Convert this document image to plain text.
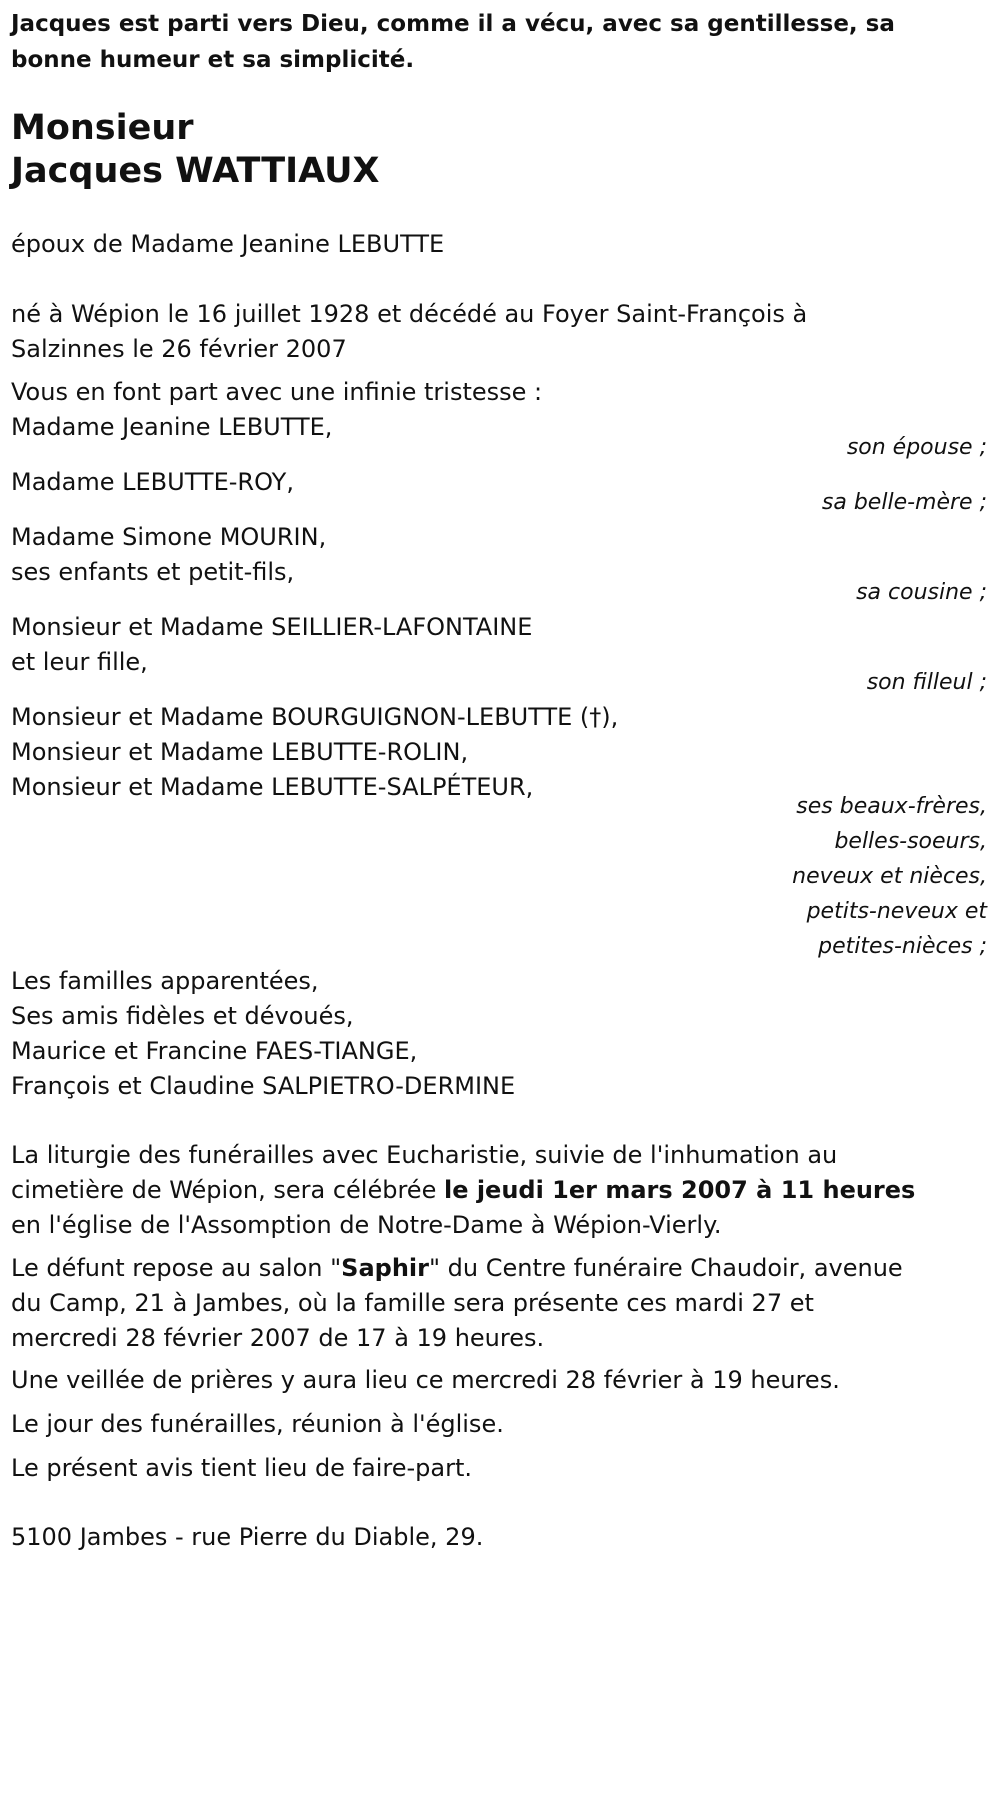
Jacques est parti vers Dieu, comme il a vécu, avec sa gentillesse, sa bonne humeur et sa simplicité.
Monsieur
Jacques WATTIAUX
époux de Madame Jeanine LEBUTTE
né à Wépion le 16 juillet 1928 et décédé au Foyer Saint-François à
Salzinnes le 26 février 2007
Vous en font part avec une infinie tristesse :
Madame Jeanine LEBUTTE,
son épouse ;
Madame LEBUTTE-ROY,
sa belle-mère ;
Madame Simone MOURIN,
ses enfants et petit-fils,
sa cousine ;
Monsieur et Madame SEILLIER-LAFONTAINE
et leur fille,
son filleul ;
Monsieur et Madame BOURGUIGNON-LEBUTTE (†),
Monsieur et Madame LEBUTTE-ROLIN,
Monsieur et Madame LEBUTTE-SALPÉTEUR,
ses beaux-frères,
belles-soeurs,
neveux et nièces,
petits-neveux et
petites-nièces ;
Les familles apparentées,
Ses amis fidèles et dévoués,
Maurice et Francine FAES-TIANGE,
François et Claudine SALPIETRO-DERMINE
La liturgie des funérailles avec Eucharistie, suivie de l'inhumation au
cimetière de Wépion, sera célébrée le jeudi 1er mars 2007 à 11 heures
en l'église de l'Assomption de Notre-Dame à Wépion-Vierly.
Le défunt repose au salon "Saphir" du Centre funéraire Chaudoir, avenue
du Camp, 21 à Jambes, où la famille sera présente ces mardi 27 et
mercredi 28 février 2007 de 17 à 19 heures.
Une veillée de prières y aura lieu ce mercredi 28 février à 19 heures.
Le jour des funérailles, réunion à l'église.
Le présent avis tient lieu de faire-part.
5100 Jambes - rue Pierre du Diable, 29.
